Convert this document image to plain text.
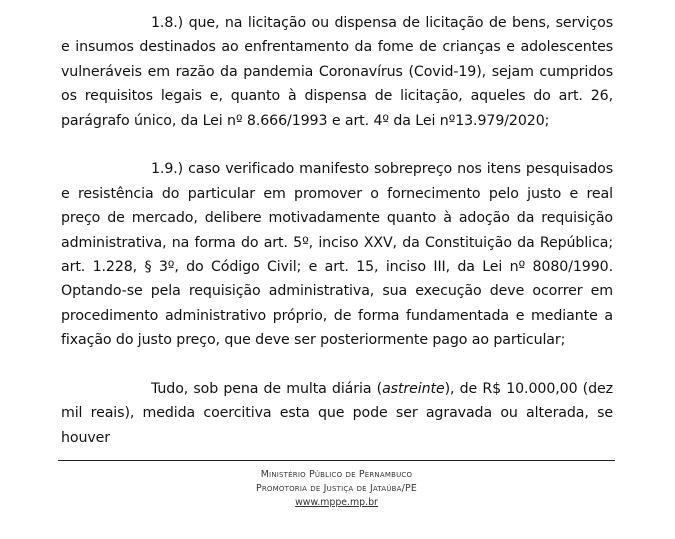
1.8.) que, na licitação ou dispensa de licitação de bens, serviços e insumos destinados ao enfrentamento da fome de crianças e adolescentes vulneráveis em razão da pandemia Coronavírus (Covid-19), sejam cumpridos os requisitos legais e, quanto à dispensa de licitação, aqueles do art. 26, parágrafo único, da Lei nº 8.666/1993 e art. 4º da Lei nº13.979/2020;

1.9.) caso verificado manifesto sobrepreço nos itens pesquisados e resistência do particular em promover o fornecimento pelo justo e real preço de mercado, delibere motivadamente quanto à adoção da requisição administrativa, na forma do art. 5º, inciso XXV, da Constituição da República; art. 1.228, § 3º, do Código Civil; e art. 15, inciso III, da Lei nº 8080/1990. Optando-se pela requisição administrativa, sua execução deve ocorrer em procedimento administrativo próprio, de forma fundamentada e mediante a fixação do justo preço, que deve ser posteriormente pago ao particular;

Tudo, sob pena de multa diária (astreinte), de R$ 10.000,00 (dez mil reais), medida coercitiva esta que pode ser agravada ou alterada, se houver

Ministério Público de Pernambuco
Promotoria de Justiça de Jataúba/PE
www.mppe.mp.br
